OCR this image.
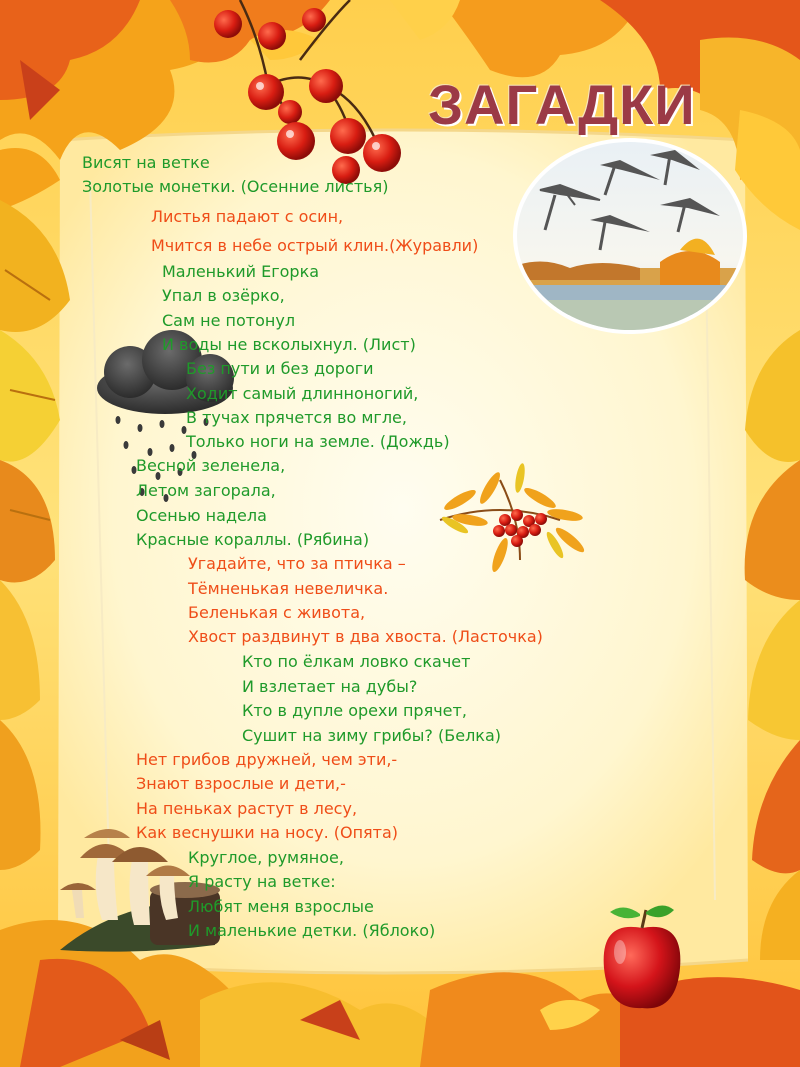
ЗАГАДКИ

Висят на ветке

Золотые монетки. (Осенние листья)

Листья падают с осин,

Мчится в небе острый клин.(Журавли)

Маленький Егорка

Упал в озёрко,

Сам не потонул

И воды не всколыхнул. (Лист)

Без пути и без дороги

Ходит самый длинноногий,

В тучах прячется во мгле,

Только ноги на земле. (Дождь)

Весной зеленела,

Летом загорала,

Осенью надела

Красные кораллы. (Рябина)

Угадайте, что за птичка –

Тёмненькая невеличка.

Беленькая с живота,

Хвост раздвинут в два хвоста. (Ласточка)

Кто по ёлкам ловко скачет

И взлетает на дубы?

Кто в дупле орехи прячет,

Сушит на зиму грибы? (Белка)

Нет грибов дружней, чем эти,-

Знают взрослые и дети,-

На пеньках растут в лесу,

Как веснушки на носу. (Опята)

Круглое, румяное,

Я расту на ветке:

Любят меня взрослые

И маленькие детки. (Яблоко)
